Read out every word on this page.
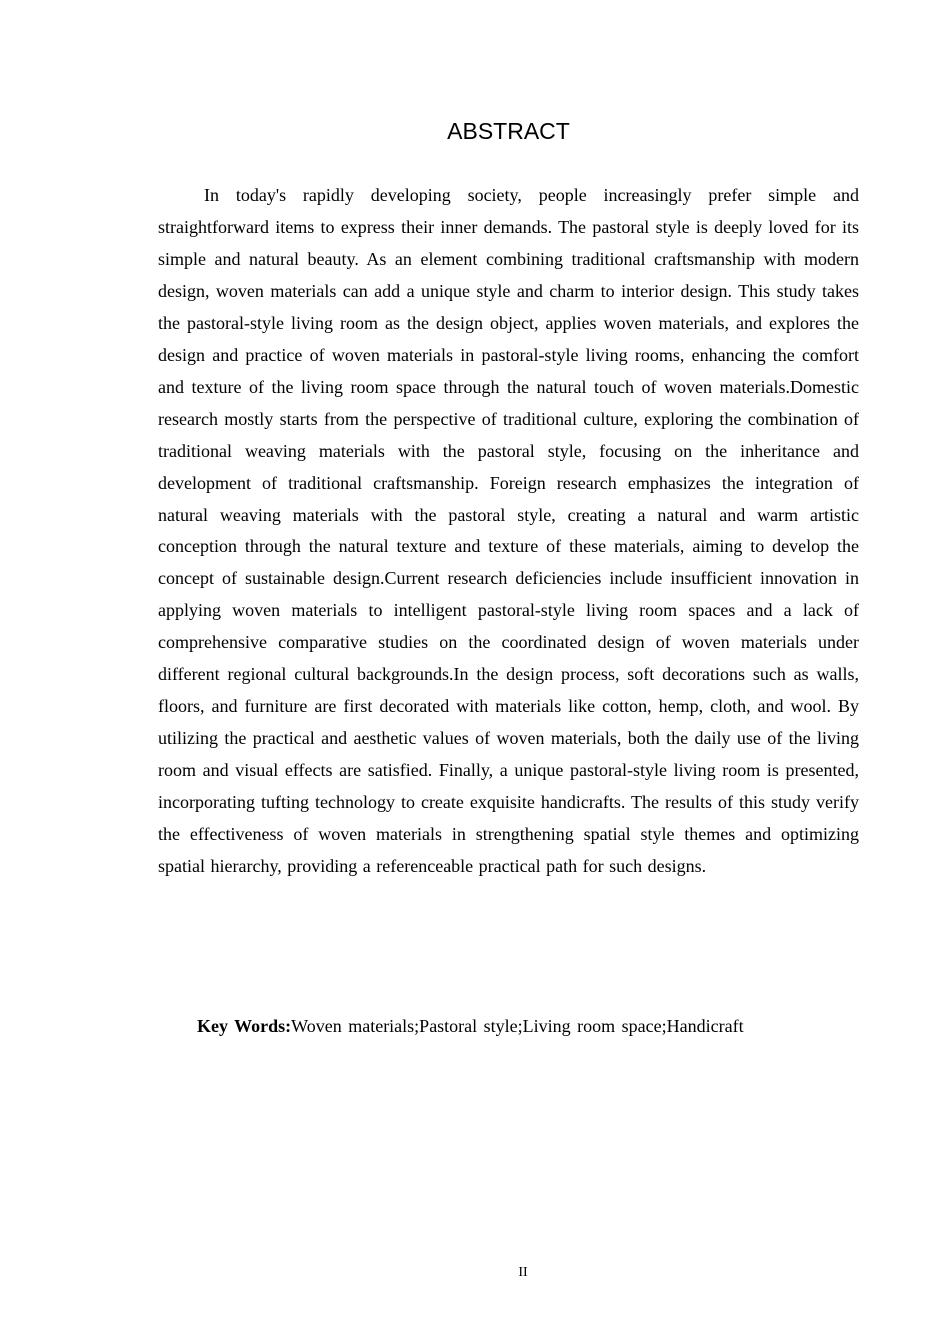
ABSTRACT

In today's rapidly developing society, people increasingly prefer simple and straightforward items to express their inner demands. The pastoral style is deeply loved for its simple and natural beauty. As an element combining traditional craftsmanship with modern design, woven materials can add a unique style and charm to interior design. This study takes the pastoral-style living room as the design object, applies woven materials, and explores the design and practice of woven materials in pastoral-style living rooms, enhancing the comfort and texture of the living room space through the natural touch of woven materials.Domestic research mostly starts from the perspective of traditional culture, exploring the combination of traditional weaving materials with the pastoral style, focusing on the inheritance and development of traditional craftsmanship. Foreign research emphasizes the integration of natural weaving materials with the pastoral style, creating a natural and warm artistic conception through the natural texture and texture of these materials, aiming to develop the concept of sustainable design.Current research deficiencies include insufficient innovation in applying woven materials to intelligent pastoral-style living room spaces and a lack of comprehensive comparative studies on the coordinated design of woven materials under different regional cultural backgrounds.In the design process, soft decorations such as walls, floors, and furniture are first decorated with materials like cotton, hemp, cloth, and wool. By utilizing the practical and aesthetic values of woven materials, both the daily use of the living room and visual effects are satisfied. Finally, a unique pastoral-style living room is presented, incorporating tufting technology to create exquisite handicrafts. The results of this study verify the effectiveness of woven materials in strengthening spatial style themes and optimizing spatial hierarchy, providing a referenceable practical path for such designs.

Key Words:Woven materials;Pastoral style;Living room space;Handicraft

II
